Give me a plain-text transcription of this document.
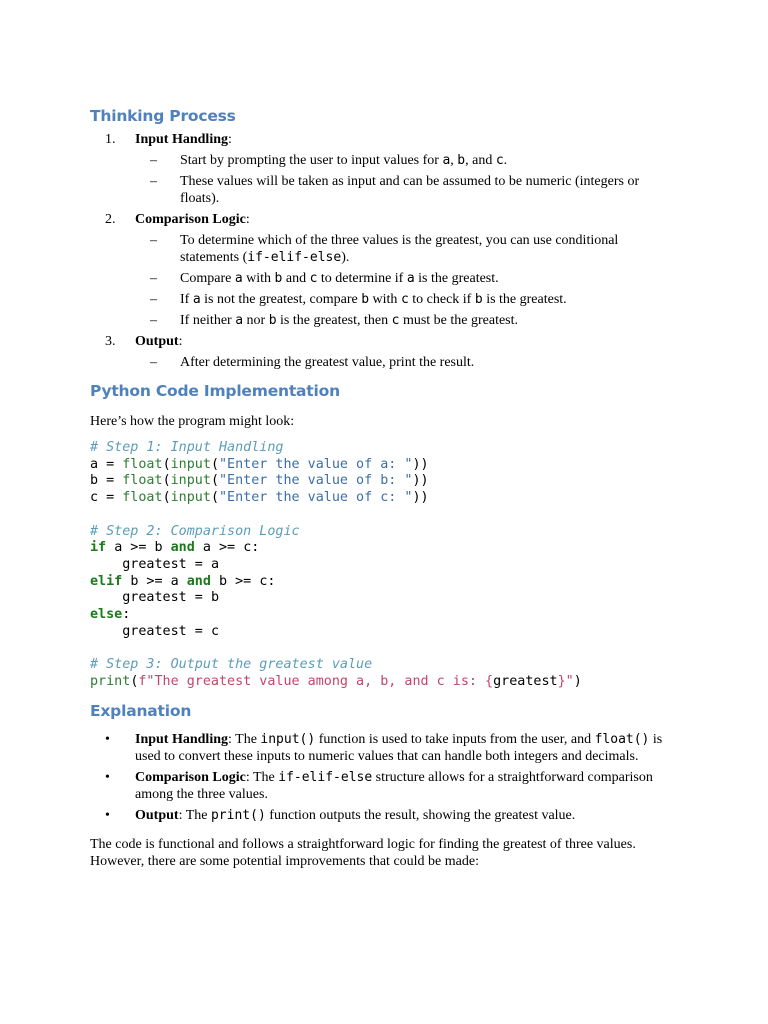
Thinking Process
1. Input Handling:
– Start by prompting the user to input values for a, b, and c.
– These values will be taken as input and can be assumed to be numeric (integers or floats).
2. Comparison Logic:
– To determine which of the three values is the greatest, you can use conditional statements (if-elif-else).
– Compare a with b and c to determine if a is the greatest.
– If a is not the greatest, compare b with c to check if b is the greatest.
– If neither a nor b is the greatest, then c must be the greatest.
3. Output:
– After determining the greatest value, print the result.
Python Code Implementation

Here’s how the program might look:

# Step 1: Input Handling
a = float(input("Enter the value of a: "))
b = float(input("Enter the value of b: "))
c = float(input("Enter the value of c: "))

# Step 2: Comparison Logic
if a >= b and a >= c:
greatest = a
elif b >= a and b >= c:
greatest = b
else:
greatest = c

# Step 3: Output the greatest value
print(f"The greatest value among a, b, and c is: {greatest}")
Explanation
• Input Handling: The input() function is used to take inputs from the user, and float() is used to convert these inputs to numeric values that can handle both integers and decimals.
• Comparison Logic: The if-elif-else structure allows for a straightforward comparison among the three values.
• Output: The print() function outputs the result, showing the greatest value.

The code is functional and follows a straightforward logic for finding the greatest of three values. However, there are some potential improvements that could be made:
